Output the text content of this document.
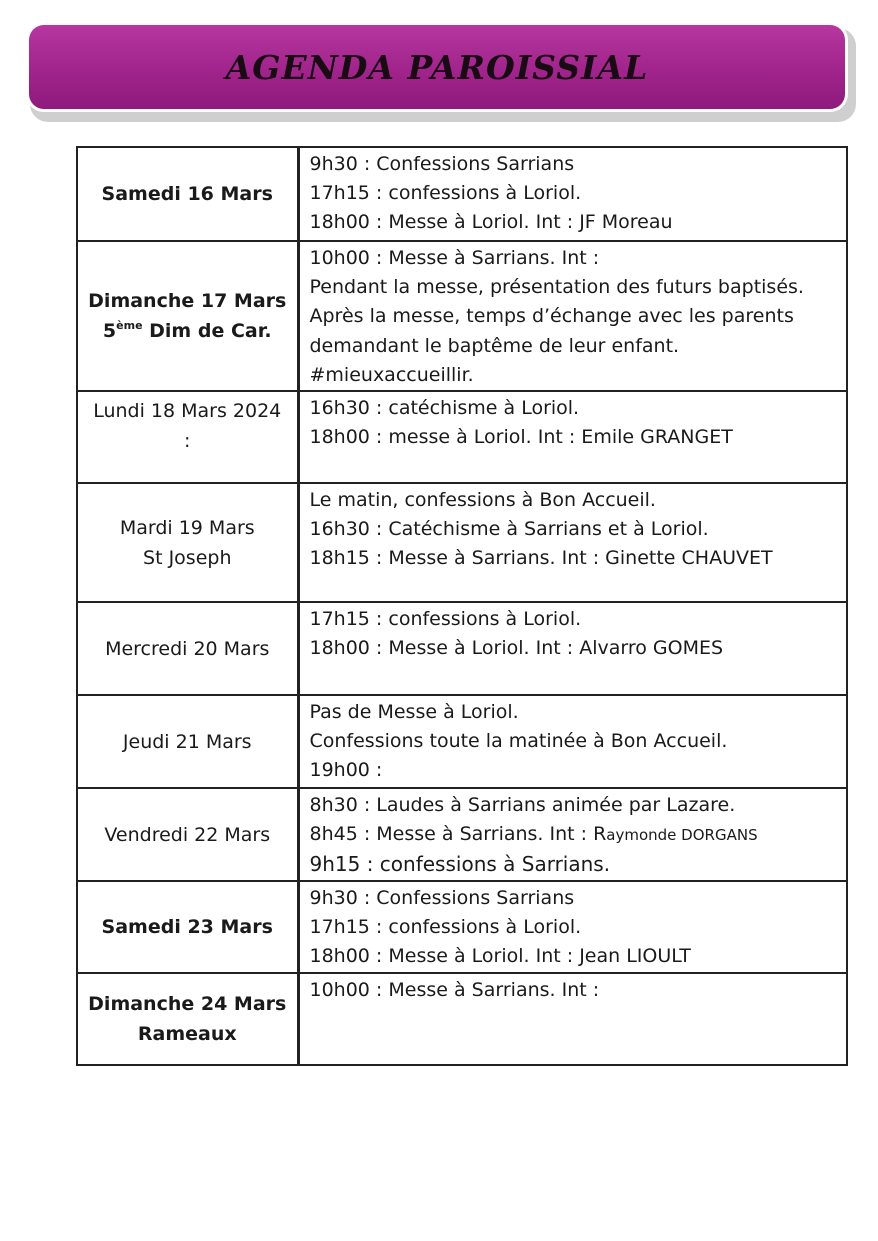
AGENDA PAROISSIAL
Samedi 16 Mars	9h30 : Confessions Sarrians
17h15 : confessions à Loriol.
18h00 : Messe à Loriol. Int : JF Moreau

Dimanche 17 Mars
5ème Dim de Car.	10h00 : Messe à Sarrians. Int :
Pendant la messe, présentation des futurs baptisés.
Après la messe, temps d’échange avec les parents
demandant le baptême de leur enfant.
#mieuxaccueillir.

Lundi 18 Mars 2024
:	16h30 : catéchisme à Loriol.
18h00 : messe à Loriol. Int : Emile GRANGET

Mardi 19 Mars
St Joseph	Le matin, confessions à Bon Accueil.
16h30 : Catéchisme à Sarrians et à Loriol.
18h15 : Messe à Sarrians. Int : Ginette CHAUVET

Mercredi 20 Mars	17h15 : confessions à Loriol.
18h00 : Messe à Loriol. Int : Alvarro GOMES

Jeudi 21 Mars	Pas de Messe à Loriol.
Confessions toute la matinée à Bon Accueil.
19h00 :

Vendredi 22 Mars	8h30 : Laudes à Sarrians animée par Lazare.
8h45 : Messe à Sarrians. Int : Raymonde DORGANS
9h15 : confessions à Sarrians.

Samedi 23 Mars	9h30 : Confessions Sarrians
17h15 : confessions à Loriol.
18h00 : Messe à Loriol. Int : Jean LIOULT

Dimanche 24 Mars
Rameaux	10h00 : Messe à Sarrians. Int :
